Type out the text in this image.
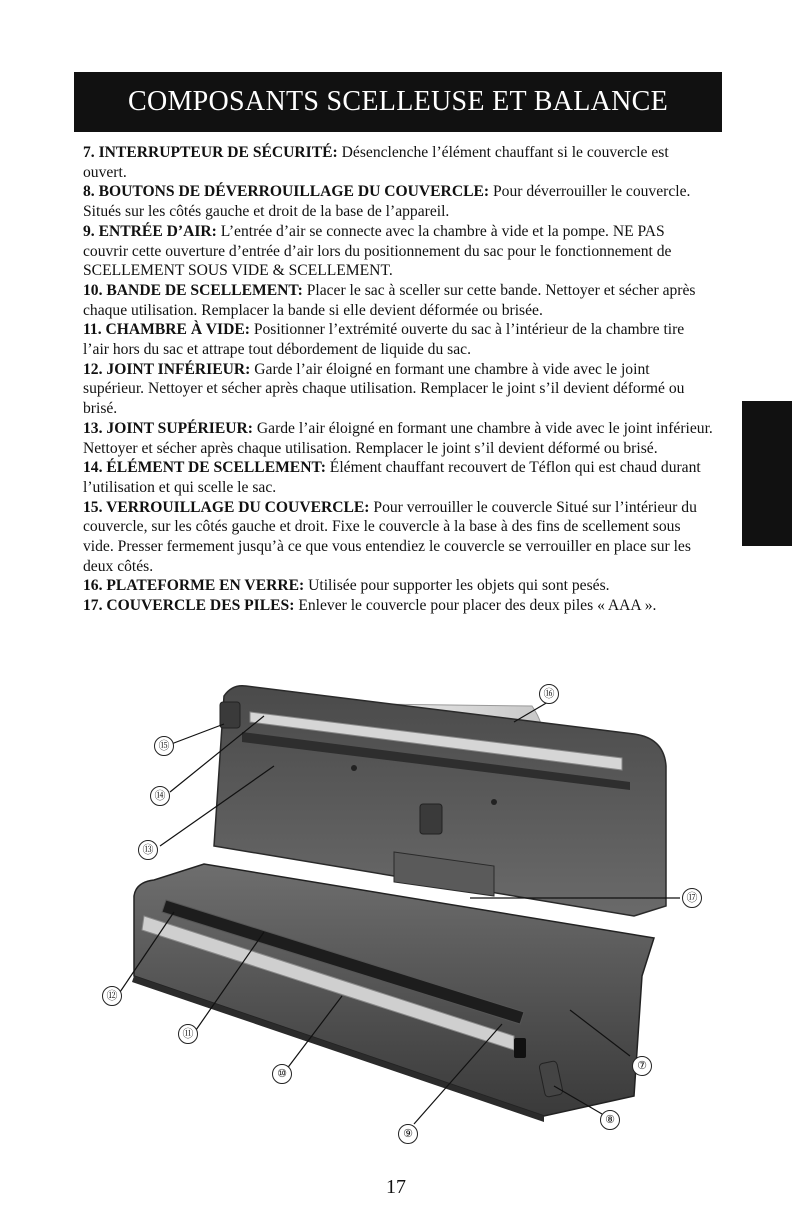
COMPOSANTS SCELLEUSE ET BALANCE

7. INTERRUPTEUR DE SÉCURITÉ: Désenclenche l’élément chauffant si le couvercle est ouvert.

8. BOUTONS DE DÉVERROUILLAGE DU COUVERCLE: Pour déverrouiller le couvercle. Situés sur les côtés gauche et droit de la base de l’appareil.

9. ENTRÉE D’AIR: L’entrée d’air se connecte avec la chambre à vide et la pompe. NE PAS couvrir cette ouverture d’entrée d’air lors du positionnement du sac pour le fonctionnement de SCELLEMENT SOUS VIDE & SCELLEMENT.

10. BANDE DE SCELLEMENT: Placer le sac à sceller sur cette bande. Nettoyer et sécher après chaque utilisation. Remplacer la bande si elle devient déformée ou brisée.

11. CHAMBRE À VIDE: Positionner l’extrémité ouverte du sac à l’intérieur de la chambre tire l’air hors du sac et attrape tout débordement de liquide du sac.

12. JOINT INFÉRIEUR: Garde l’air éloigné en formant une chambre à vide avec le joint supérieur. Nettoyer et sécher après chaque utilisation. Remplacer le joint s’il devient déformé ou brisé.

13. JOINT SUPÉRIEUR: Garde l’air éloigné en formant une chambre à vide avec le joint inférieur. Nettoyer et sécher après chaque utilisation. Remplacer le joint s’il devient déformé ou brisé.

14. ÉLÉMENT DE SCELLEMENT: Élément chauffant recouvert de Téflon qui est chaud durant l’utilisation et qui scelle le sac.

15. VERROUILLAGE DU COUVERCLE: Pour verrouiller le couvercle Situé sur l’intérieur du couvercle, sur les côtés gauche et droit. Fixe le couvercle à la base à des fins de scellement sous vide. Presser fermement jusqu’à ce que vous entendiez le couvercle se verrouiller en place sur les deux côtés.

16. PLATEFORME EN VERRE: Utilisée pour supporter les objets qui sont pesés.

17. COUVERCLE DES PILES: Enlever le couvercle pour placer des deux piles « AAA ».

⑯
⑮
⑭
⑬
⑰
⑫
⑪
⑩
⑦
⑧
⑨
17
